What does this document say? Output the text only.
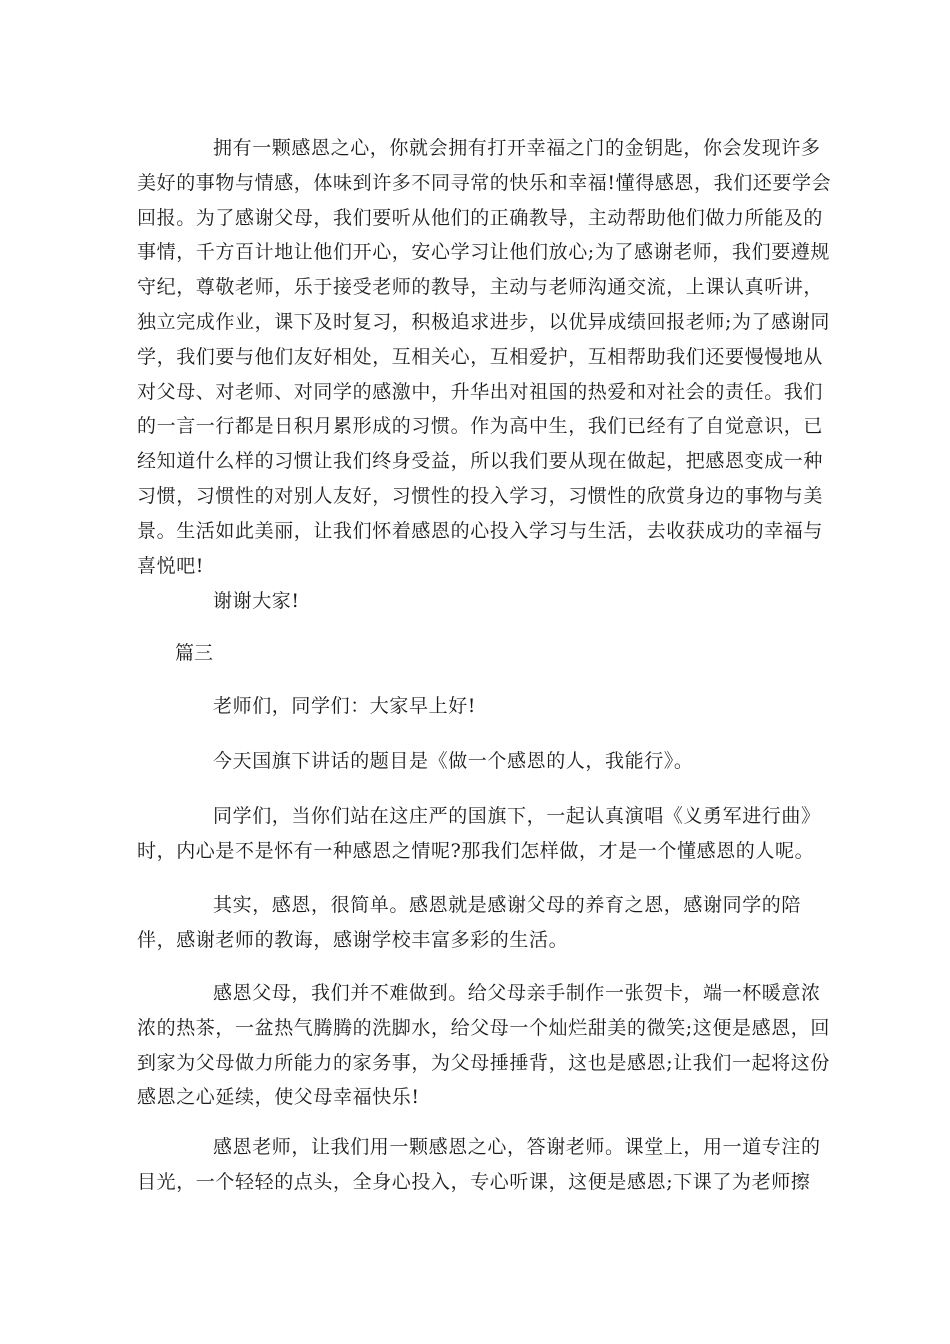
拥有一颗感恩之心，你就会拥有打开幸福之门的金钥匙，你会发现许多美好的事物与情感，体味到许多不同寻常的快乐和幸福!懂得感恩，我们还要学会回报。为了感谢父母，我们要听从他们的正确教导，主动帮助他们做力所能及的事情，千方百计地让他们开心，安心学习让他们放心;为了感谢老师，我们要遵规守纪，尊敬老师，乐于接受老师的教导，主动与老师沟通交流，上课认真听讲，独立完成作业，课下及时复习，积极追求进步，以优异成绩回报老师;为了感谢同学，我们要与他们友好相处，互相关心，互相爱护，互相帮助我们还要慢慢地从对父母、对老师、对同学的感激中，升华出对祖国的热爱和对社会的责任。我们的一言一行都是日积月累形成的习惯。作为高中生，我们已经有了自觉意识，已经知道什么样的习惯让我们终身受益，所以我们要从现在做起，把感恩变成一种习惯，习惯性的对别人友好，习惯性的投入学习，习惯性的欣赏身边的事物与美景。生活如此美丽，让我们怀着感恩的心投入学习与生活，去收获成功的幸福与喜悦吧!

谢谢大家!

篇三

老师们，同学们：大家早上好!

今天国旗下讲话的题目是《做一个感恩的人，我能行》。

同学们，当你们站在这庄严的国旗下，一起认真演唱《义勇军进行曲》时，内心是不是怀有一种感恩之情呢?那我们怎样做，才是一个懂感恩的人呢。

其实，感恩，很简单。感恩就是感谢父母的养育之恩，感谢同学的陪伴，感谢老师的教诲，感谢学校丰富多彩的生活。

感恩父母，我们并不难做到。给父母亲手制作一张贺卡，端一杯暖意浓浓的热茶，一盆热气腾腾的洗脚水，给父母一个灿烂甜美的微笑;这便是感恩，回到家为父母做力所能力的家务事，为父母捶捶背，这也是感恩;让我们一起将这份感恩之心延续，使父母幸福快乐!

感恩老师，让我们用一颗感恩之心，答谢老师。课堂上，用一道专注的目光，一个轻轻的点头，全身心投入，专心听课，这便是感恩;下课了为老师擦
